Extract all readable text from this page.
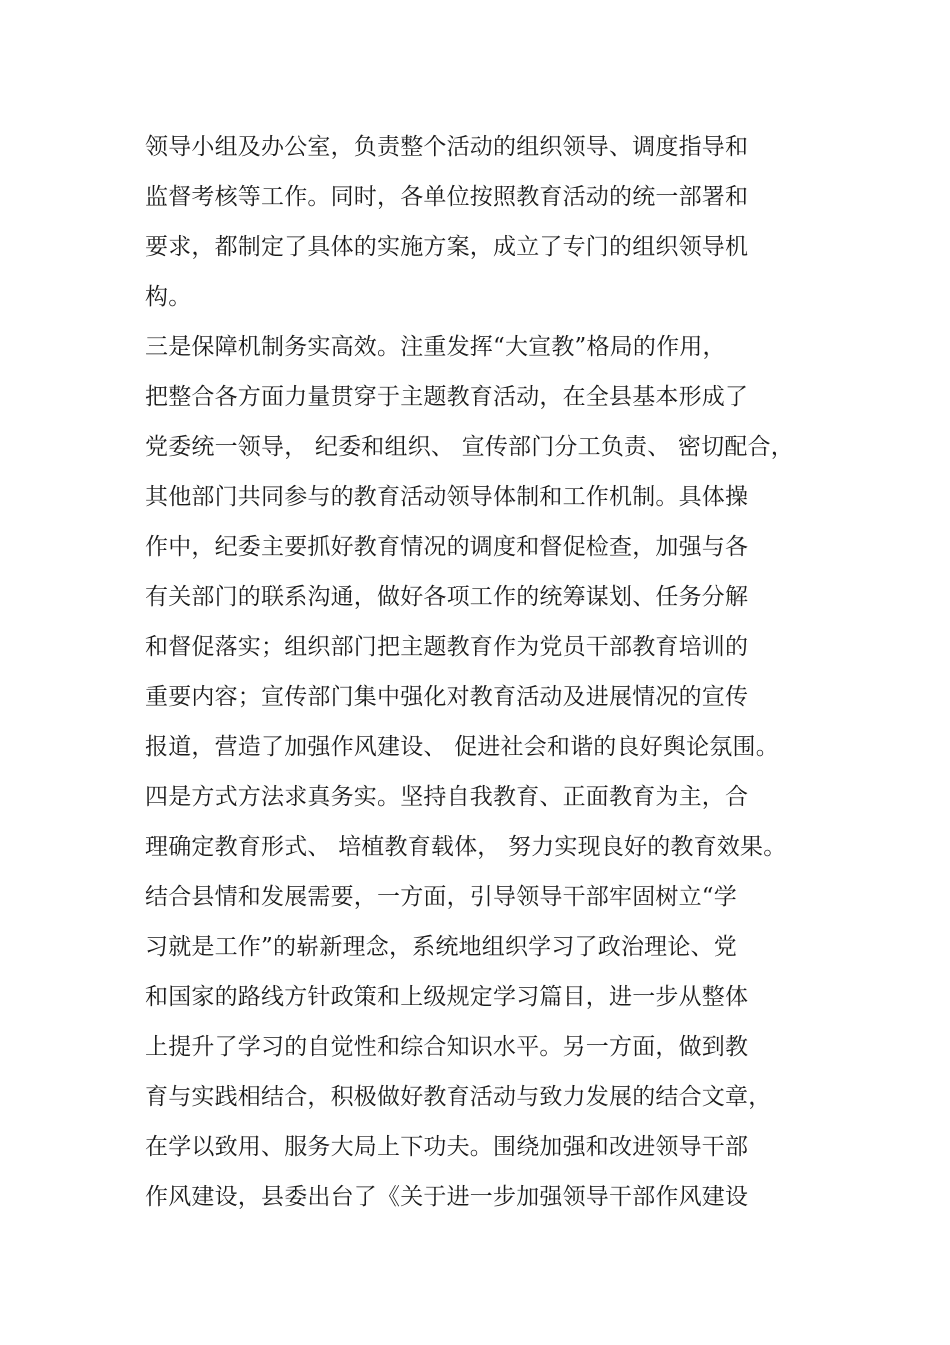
领导小组及办公室，负责整个活动的组织领导、调度指导和
监督考核等工作。同时，各单位按照教育活动的统一部署和
要求，都制定了具体的实施方案，成立了专门的组织领导机
构。
三是保障机制务实高效。注重发挥“大宣教”格局的作用，
把整合各方面力量贯穿于主题教育活动，在全县基本形成了
党委统一领导， 纪委和组织、 宣传部门分工负责、 密切配合，
其他部门共同参与的教育活动领导体制和工作机制。具体操
作中，纪委主要抓好教育情况的调度和督促检查，加强与各
有关部门的联系沟通，做好各项工作的统筹谋划、任务分解
和督促落实；组织部门把主题教育作为党员干部教育培训的
重要内容；宣传部门集中强化对教育活动及进展情况的宣传
报道，营造了加强作风建设、 促进社会和谐的良好舆论氛围。
四是方式方法求真务实。坚持自我教育、正面教育为主，合
理确定教育形式、 培植教育载体， 努力实现良好的教育效果。
结合县情和发展需要，一方面，引导领导干部牢固树立“学
习就是工作”的崭新理念，系统地组织学习了政治理论、党
和国家的路线方针政策和上级规定学习篇目，进一步从整体
上提升了学习的自觉性和综合知识水平。另一方面，做到教
育与实践相结合，积极做好教育活动与致力发展的结合文章，
在学以致用、服务大局上下功夫。围绕加强和改进领导干部
作风建设，县委出台了《关于进一步加强领导干部作风建设
